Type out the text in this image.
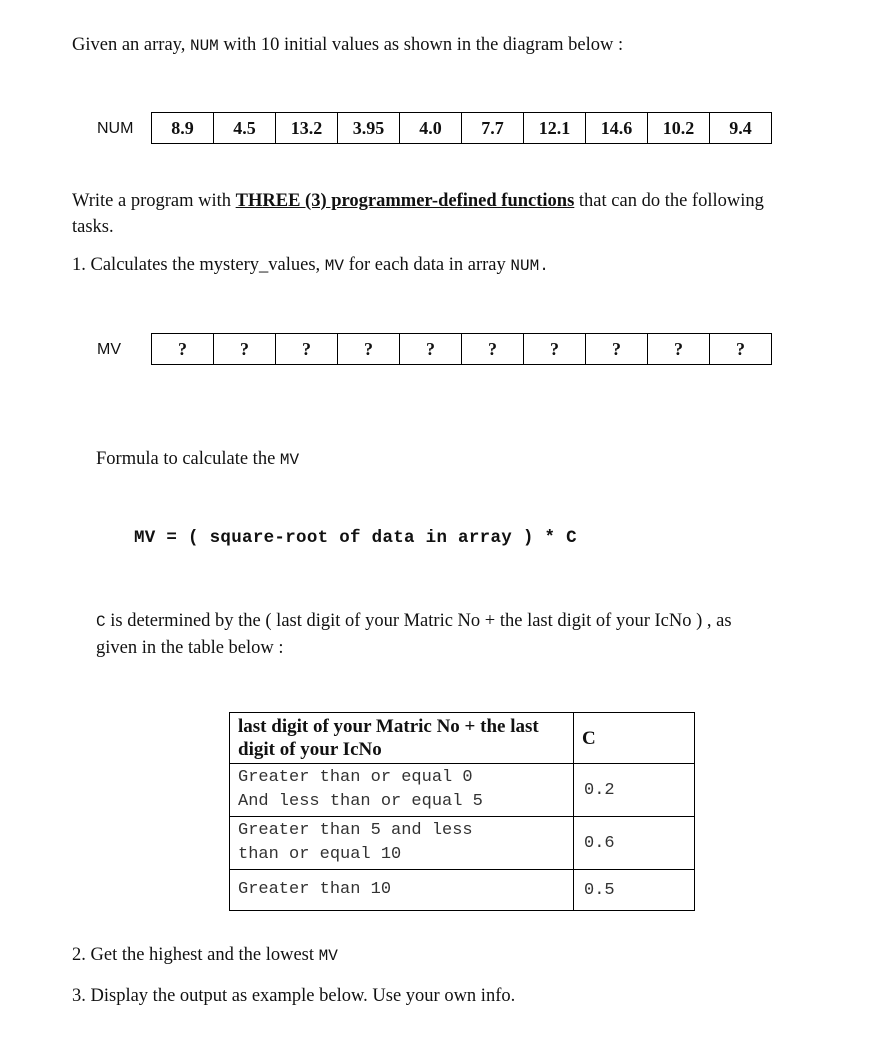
Given an array, NUM with 10 initial values as shown in the diagram below :
NUM 8.9	4.5	13.2	3.95	4.0	7.7	12.1	14.6	10.2	9.4
Write a program with THREE (3) programmer-defined functions that can do the following
tasks.
1. Calculates the mystery_values, MV for each data in array NUM.
MV	?	?	?	?	?	?	?	?	?	?
Formula to calculate the MV
MV = ( square-root of data in array ) * C
C is determined by the ( last digit of your Matric No + the last digit of your IcNo ) , as
given in the table below :
last digit of your Matric No + the last digit of your IcNo	C

Greater than or equal 0
And less than or equal 5	0.2

Greater than 5 and less
than or equal 10	0.6

Greater than 10	0.5
2. Get the highest and the lowest MV
3. Display the output as example below. Use your own info.
